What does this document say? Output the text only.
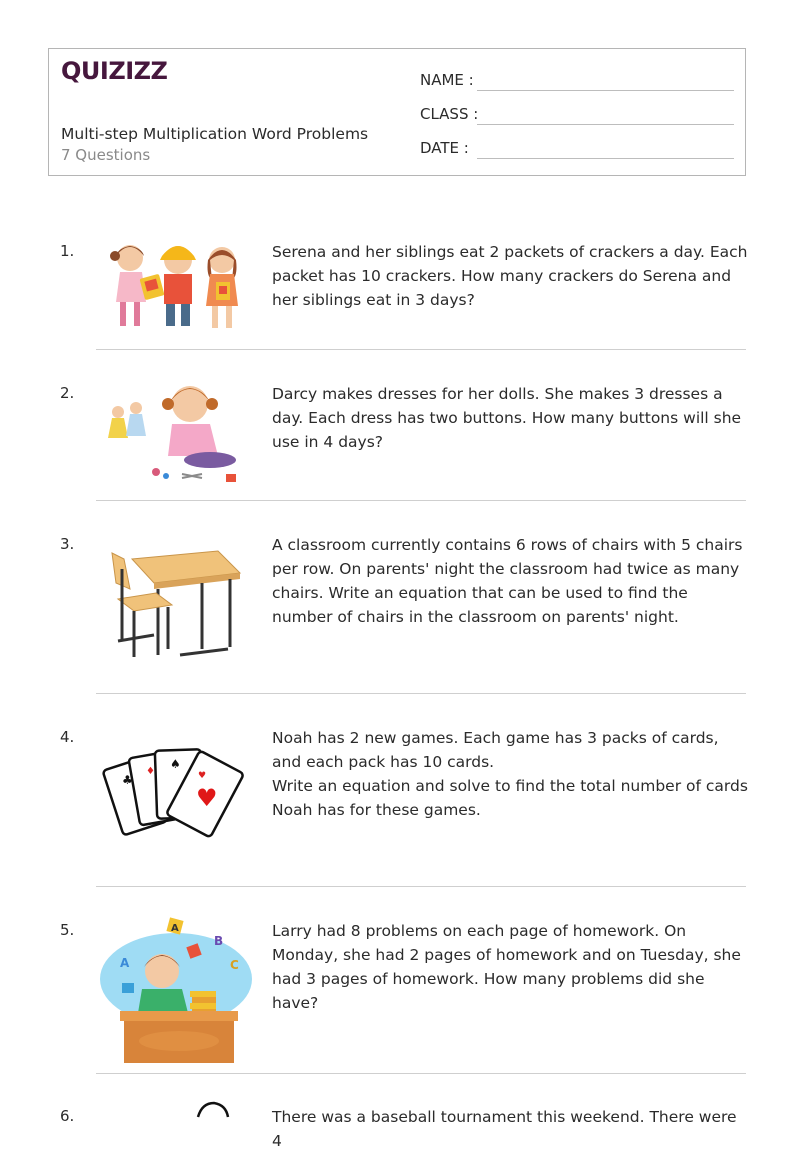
QUIZIZZ
Multi-step Multiplication Word Problems
7 Questions
NAME :
CLASS :
DATE :
1.	Serena and her siblings eat 2 packets of crackers a day. Each packet has 10 crackers. How many crackers do Serena and her siblings eat in 3 days?
2.	Darcy makes dresses for her dolls. She makes 3 dresses a day. Each dress has two buttons. How many buttons will she use in 4 days?
3.	A classroom currently contains 6 rows of chairs with 5 chairs per row. On parents' night the classroom had twice as many chairs. Write an equation that can be used to find the number of chairs in the classroom on parents' night.
4.
♣
♦
♠
♥
♥

Noah has 2 new games. Each game has 3 packs of cards, and each pack has 10 cards.

Write an equation and solve to find the total number of cards Noah has for these games.

5.	A
B
C
A
Larry had 8 problems on each page of homework. On Monday, she had 2 pages of homework and on Tuesday, she had 3 pages of homework. How many problems did she have?
6.	There was a baseball tournament this weekend. There were 4
